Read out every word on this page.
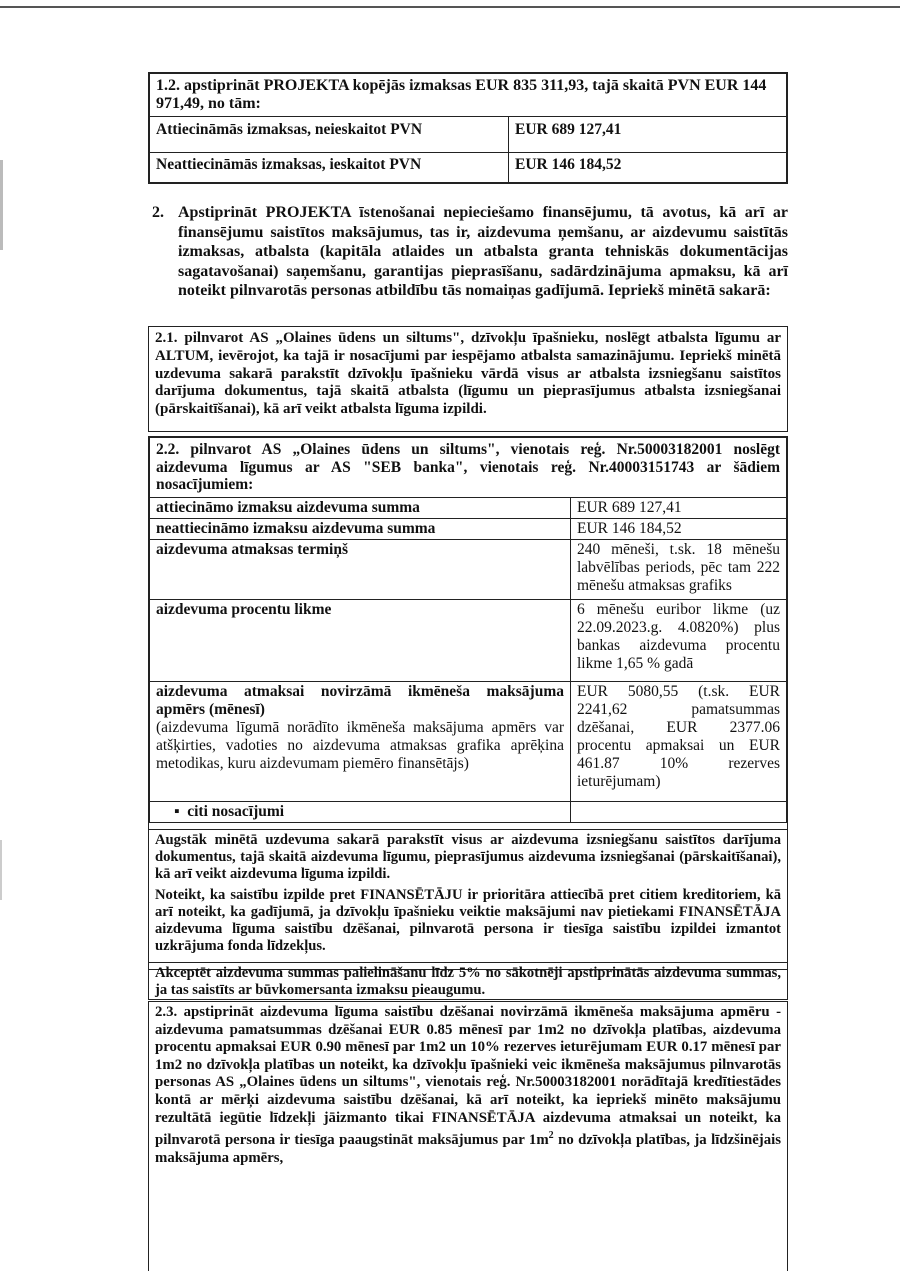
1.2. apstiprināt PROJEKTA kopējās izmaksas EUR 835 311,93, tajā skaitā PVN EUR 144 971,49, no tām:	
Attiecināmās izmaksas, neieskaitot PVN	EUR 689 127,41
Neattiecināmās izmaksas, ieskaitot PVN	EUR 146 184,52
2. Apstiprināt PROJEKTA īstenošanai nepieciešamo finansējumu, tā avotus, kā arī ar finansējumu saistītos maksājumus, tas ir, aizdevuma ņemšanu, ar aizdevumu saistītās izmaksas, atbalsta (kapitāla atlaides un atbalsta granta tehniskās dokumentācijas sagatavošanai) saņemšanu, garantijas pieprasīšanu, sadārdzinājuma apmaksu, kā arī noteikt pilnvarotās personas atbildību tās nomaiņas gadījumā. Iepriekš minētā sakarā:
2.1. pilnvarot AS „Olaines ūdens un siltums", dzīvokļu īpašnieku, noslēgt atbalsta līgumu ar ALTUM, ievērojot, ka tajā ir nosacījumi par iespējamo atbalsta samazinājumu. Iepriekš minētā uzdevuma sakarā parakstīt dzīvokļu īpašnieku vārdā visus ar atbalsta izsniegšanu saistītos darījuma dokumentus, tajā skaitā atbalsta (līgumu un pieprasījumus atbalsta izsniegšanai (pārskaitīšanai), kā arī veikt atbalsta līguma izpildi.
2.2. pilnvarot AS „Olaines ūdens un siltums", vienotais reģ. Nr.50003182001 noslēgt aizdevuma līgumus ar AS "SEB banka", vienotais reģ. Nr.40003151743 ar šādiem nosacījumiem:	
attiecināmo izmaksu aizdevuma summa	EUR 689 127,41
neattiecināmo izmaksu aizdevuma summa	EUR 146 184,52
aizdevuma atmaksas termiņš	240 mēneši, t.sk. 18 mēnešu labvēlības periods, pēc tam 222 mēnešu atmaksas grafiks
aizdevuma procentu likme	6 mēnešu euribor likme (uz 22.09.2023.g. 4.0820%) plus bankas aizdevuma procentu likme 1,65 % gadā

aizdevuma atmaksai novirzāmā ikmēneša maksājuma apmērs (mēnesī)
(aizdevuma līgumā norādīto ikmēneša maksājuma apmērs var atšķirties, vadoties no aizdevuma atmaksas grafika aprēķina metodikas, kuru aizdevumam piemēro finansētājs)	EUR 5080,55 (t.sk. EUR 2241,62 pamatsummas dzēšanai, EUR 2377.06 procentu apmaksai un EUR 461.87 10% rezerves ieturējumam)
▪  citi nosacījumi	
Augstāk minētā uzdevuma sakarā parakstīt visus ar aizdevuma izsniegšanu saistītos darījuma dokumentus, tajā skaitā aizdevuma līgumu, pieprasījumus aizdevuma izsniegšanai (pārskaitīšanai), kā arī veikt aizdevuma līguma izpildi.
Noteikt, ka saistību izpilde pret FINANSĒTĀJU ir prioritāra attiecībā pret citiem kreditoriem, kā arī noteikt, ka gadījumā, ja dzīvokļu īpašnieku veiktie maksājumi nav pietiekami FINANSĒTĀJA aizdevuma līguma saistību dzēšanai, pilnvarotā persona ir tiesīga saistību izpildei izmantot uzkrājuma fonda līdzekļus.
Akceptēt aizdevuma summas palielināšanu līdz 5% no sākotnēji apstiprinātās aizdevuma summas, ja tas saistīts ar būvkomersanta izmaksu pieaugumu.
2.3. apstiprināt aizdevuma līguma saistību dzēšanai novirzāmā ikmēneša maksājuma apmēru - aizdevuma pamatsummas dzēšanai EUR 0.85 mēnesī par 1m2 no dzīvokļa platības, aizdevuma procentu apmaksai EUR 0.90 mēnesī par 1m2 un 10% rezerves ieturējumam EUR 0.17 mēnesī par 1m2 no dzīvokļa platības un noteikt, ka dzīvokļu īpašnieki veic ikmēneša maksājumus pilnvarotās personas AS „Olaines ūdens un siltums", vienotais reģ. Nr.50003182001 norādītajā kredītiestādes kontā ar mērķi aizdevuma saistību dzēšanai, kā arī noteikt, ka iepriekš minēto maksājumu rezultātā iegūtie līdzekļi jāizmanto tikai FINANSĒTĀJA aizdevuma atmaksai un noteikt, ka pilnvarotā persona ir tiesīga paaugstināt maksājumus par $1m^2$ no dzīvokļa platības, ja līdzšinējais maksājuma apmērs,
